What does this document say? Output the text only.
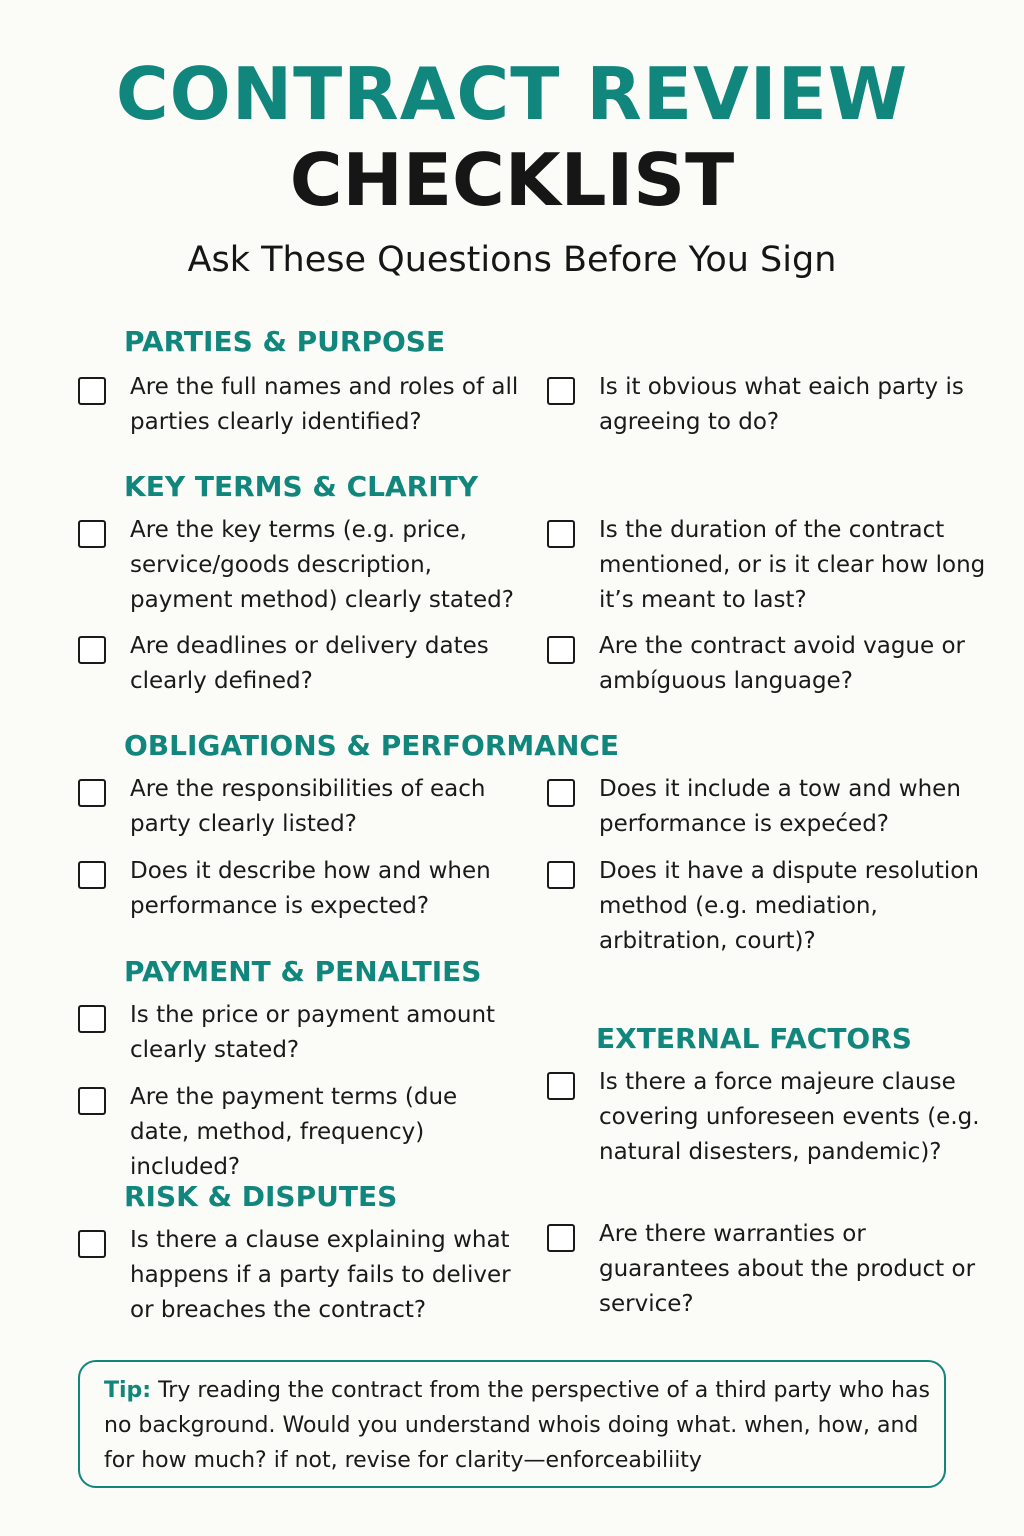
CONTRACT REVIEW
CHECKLIST
Ask These Questions Before You Sign
PARTIES & PURPOSE
Are the full names and roles of all parties clearly identified?
Is it obvious what eaich party is agreeing to do?
KEY TERMS & CLARITY
Are the key terms (e.g. price, service/goods description, payment method) clearly stated?
Is the duration of the contract mentioned, or is it clear how long it’s meant to last?
Are deadlines or delivery dates clearly defined?
Are the contract avoid vague or ambíguous language?
OBLIGATIONS & PERFORMANCE
Are the responsibilities of each party clearly listed?
Does it include a tow and when performance is expećed?
Does it describe how and when performance is expected?
Does it have a dispute resolution method (e.g. mediation, arbitration, court)?
PAYMENT & PENALTIES
Is the price or payment amount clearly stated?
Are the payment terms (due date, method, frequency) included?
RISK & DISPUTES
Is there a clause explaining what happens if a party fails to deliver or breaches the contract?
EXTERNAL FACTORS
Is there a force majeure clause covering unforeseen events (e.g. natural disesters, pandemic)?
Are there warranties or guarantees about the product or service?
Tip: Try reading the contract from the perspective of a third party who has no background. Would you understand whois doing what. when, how, and for how much? if not, revise for clarity—enforceabiliity
